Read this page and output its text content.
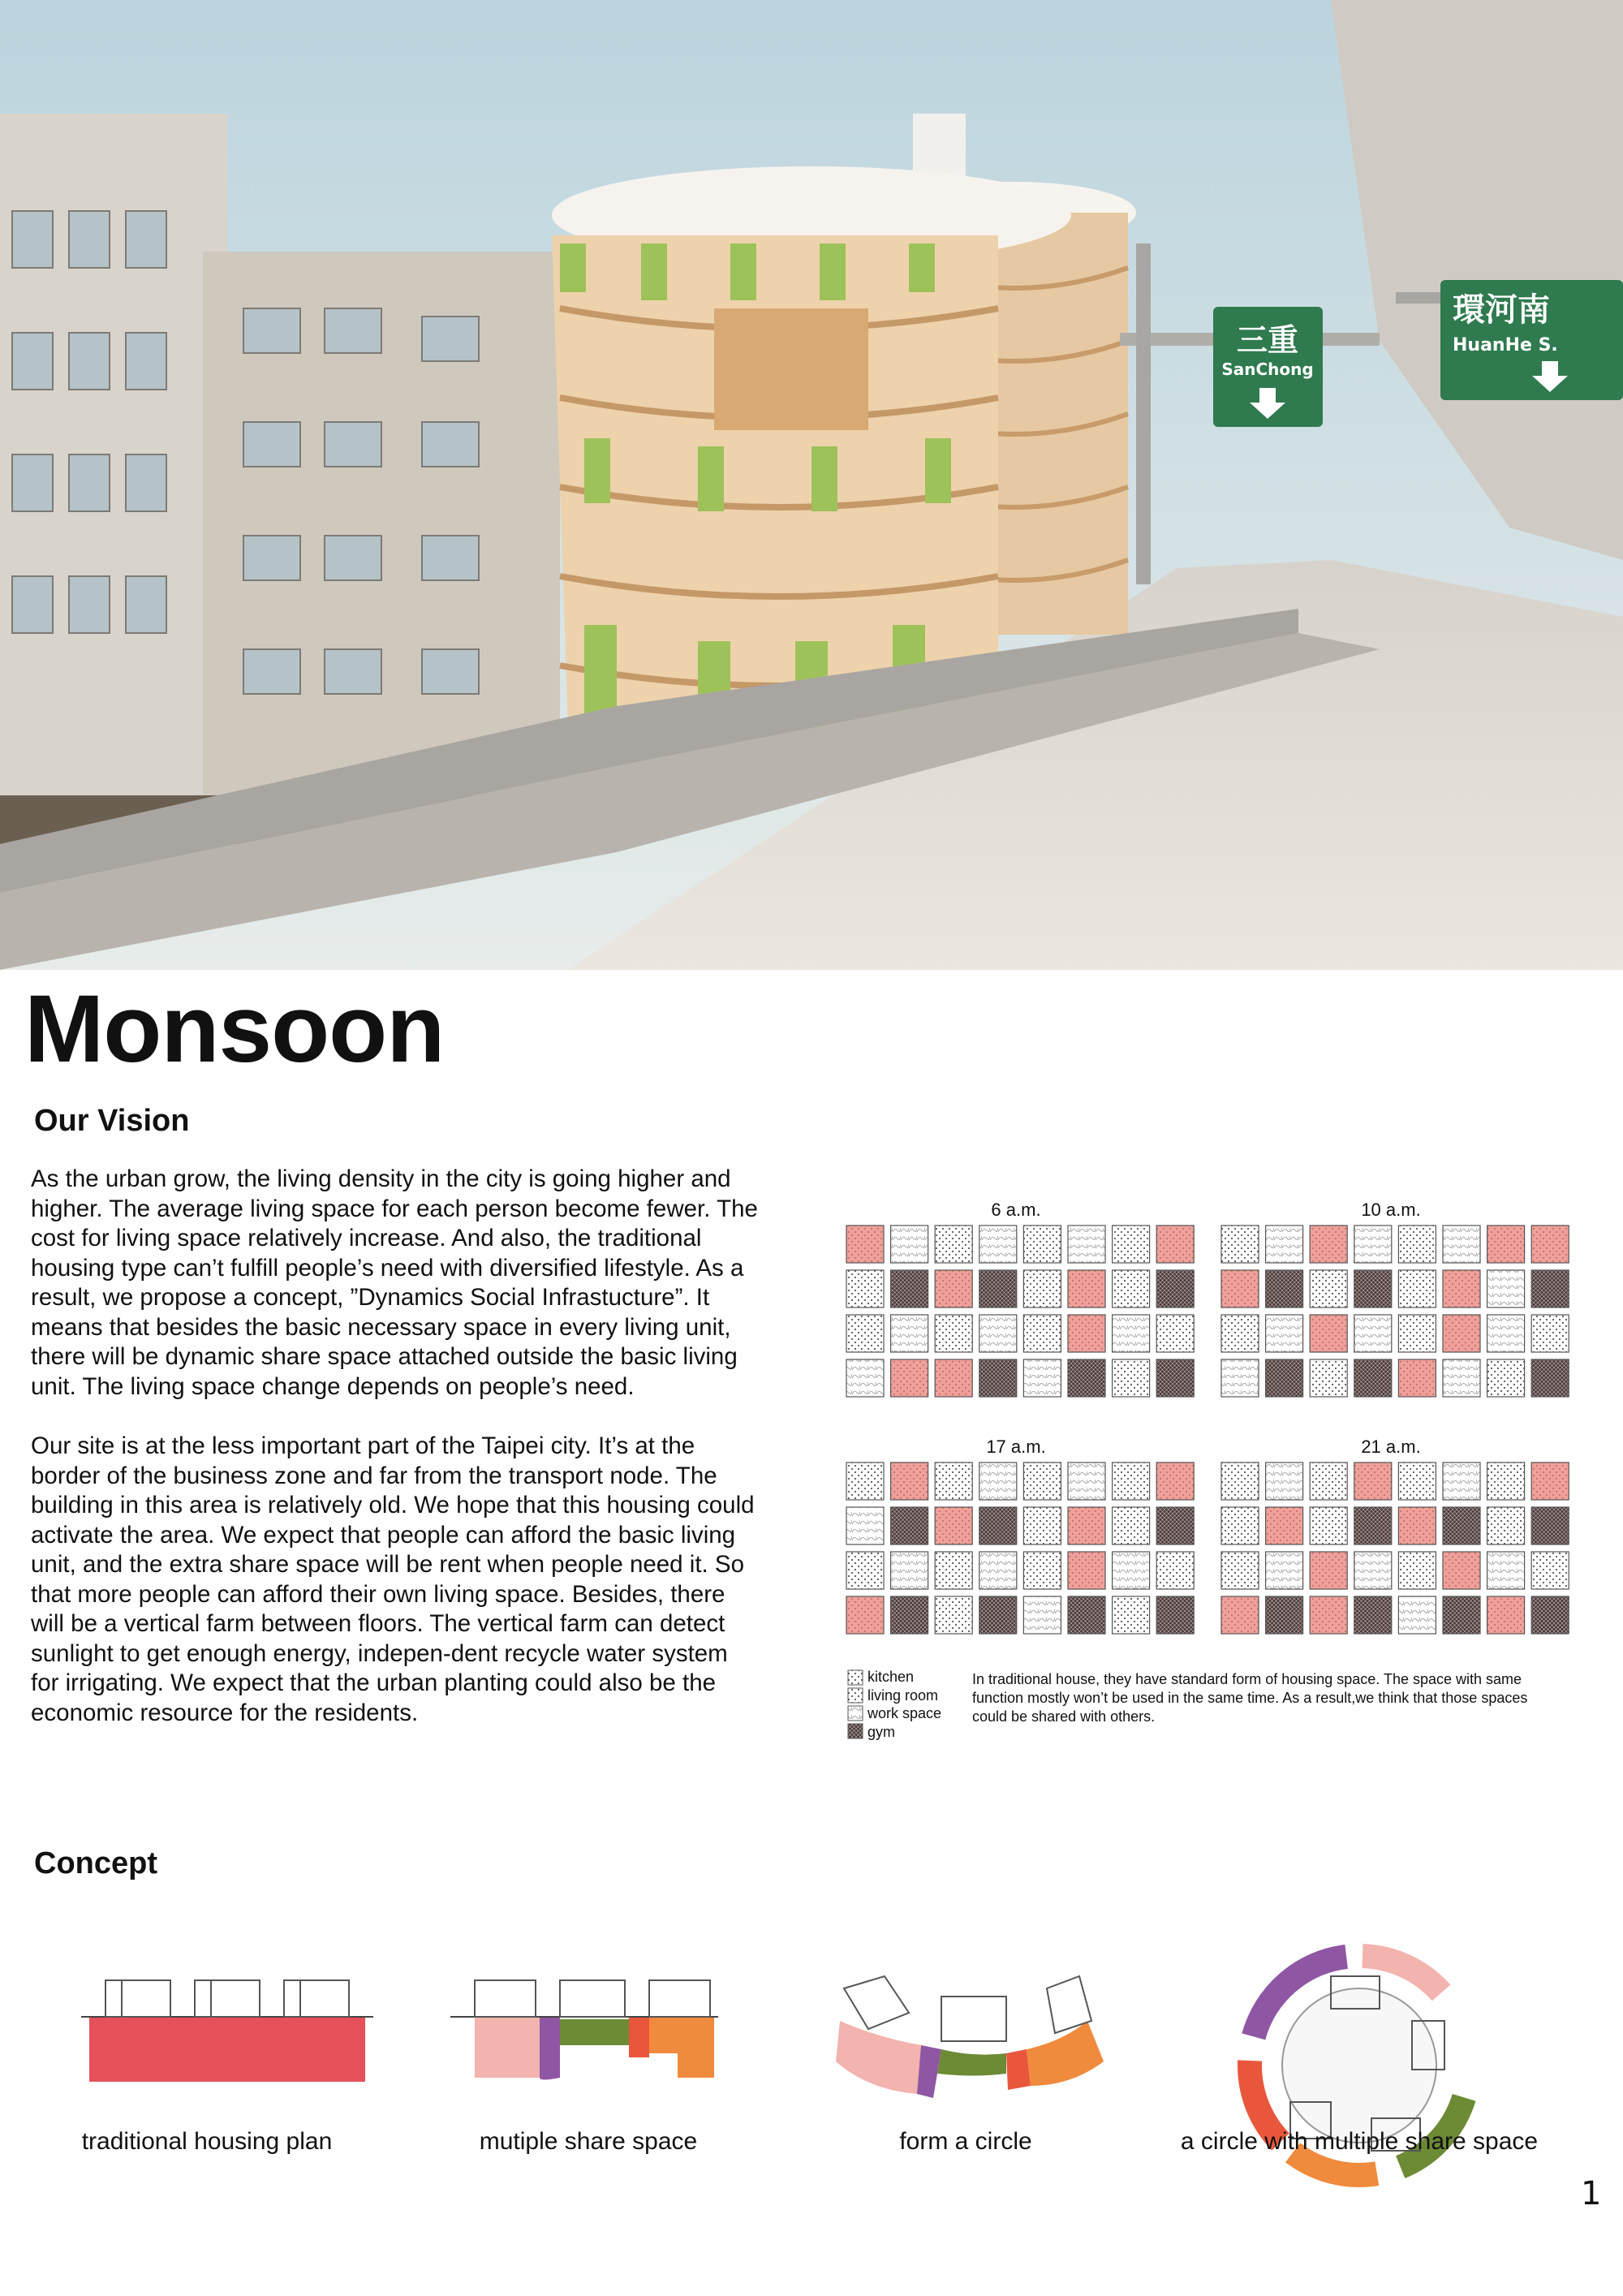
三重
SanChong
環河南
HuanHe S.
Monsoon
Our Vision

As the urban grow, the living density in the city is going higher and higher. The average living space for each person become fewer. The cost for living space relatively increase. And also, the traditional housing type can’t fulfill people’s need with diversified lifestyle. As a result, we propose a concept, ”Dynamics Social Infrastucture”. It means that besides the basic necessary space in every living unit, there will be dynamic share space attached outside the basic living unit. The living space change depends on people’s need.

Our site is at the less important part of the Taipei city. It’s at the border of the business zone and far from the transport node. The building in this area is relatively old. We hope that this housing could activate the area. We expect that people can afford the basic living unit, and the extra share space will be rent when people need it. So that more people can afford their own living space. Besides, there will be a vertical farm between floors. The vertical farm can detect sunlight to get enough energy, indepen-dent recycle water system for irrigating. We expect that the urban planting could also be the economic resource for the residents.

6 a.m.	10 a.m.
17 a.m.	21 a.m.
kitchen
living room
work space
gym
In traditional house, they have standard form of housing space. The space with same function mostly won’t be used in the same time. As a result,we think that those spaces could be shared with others.
Concept
traditional housing plan	mutiple share space	form a circle	a circle with multiple share space
1
